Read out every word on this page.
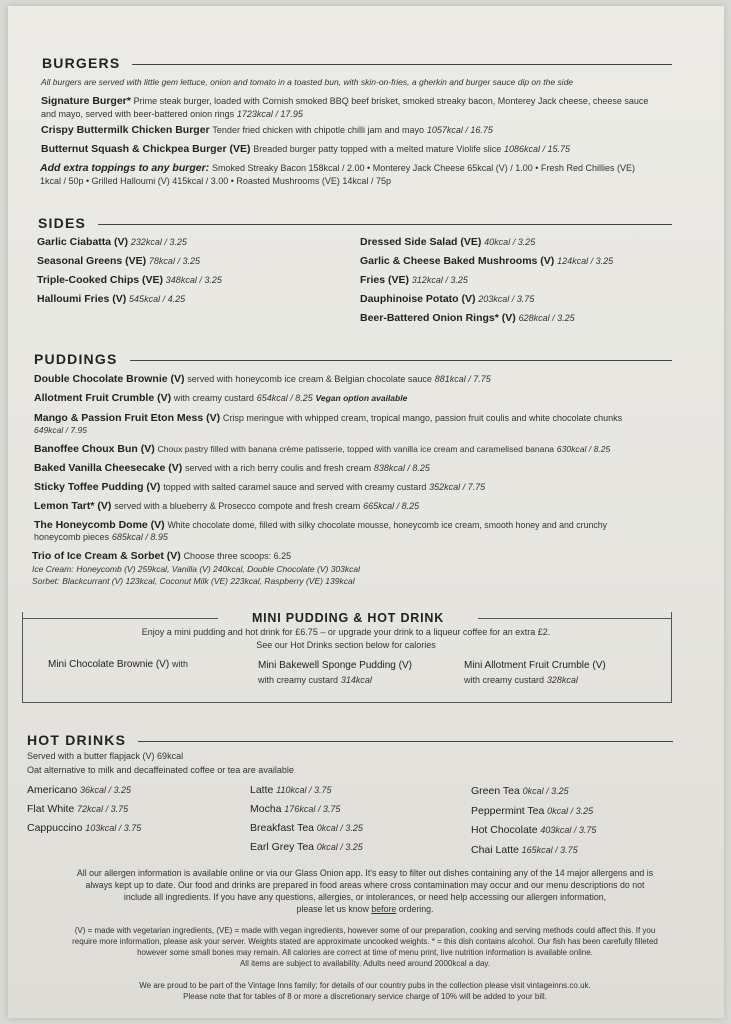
BURGERS
All burgers are served with little gem lettuce, onion and tomato in a toasted bun, with skin-on-fries, a gherkin and burger sauce dip on the side
Signature Burger* Prime steak burger, loaded with Cornish smoked BBQ beef brisket, smoked streaky bacon, Monterey Jack cheese, cheese sauce
and mayo, served with beer-battered onion rings 1723kcal / 17.95
Crispy Buttermilk Chicken Burger Tender fried chicken with chipotle chilli jam and mayo 1057kcal / 16.75
Butternut Squash & Chickpea Burger (VE) Breaded burger patty topped with a melted mature Violife slice 1086kcal / 15.75
Add extra toppings to any burger: Smoked Streaky Bacon 158kcal / 2.00 • Monterey Jack Cheese 65kcal (V) / 1.00 • Fresh Red Chillies (VE)
1kcal / 50p • Grilled Halloumi (V) 415kcal / 3.00 • Roasted Mushrooms (VE) 14kcal / 75p
SIDES
Garlic Ciabatta (V) 232kcal / 3.25
Seasonal Greens (VE) 78kcal / 3.25
Triple-Cooked Chips (VE) 348kcal / 3.25
Halloumi Fries (V) 545kcal / 4.25
Dressed Side Salad (VE) 40kcal / 3.25
Garlic & Cheese Baked Mushrooms (V) 124kcal / 3.25
Fries (VE) 312kcal / 3.25
Dauphinoise Potato (V) 203kcal / 3.75
Beer-Battered Onion Rings* (V) 628kcal / 3.25
PUDDINGS
Double Chocolate Brownie (V) served with honeycomb ice cream & Belgian chocolate sauce 881kcal / 7.75
Allotment Fruit Crumble (V) with creamy custard 654kcal / 8.25 Vegan option available
Mango & Passion Fruit Eton Mess (V) Crisp meringue with whipped cream, tropical mango, passion fruit coulis and white chocolate chunks
649kcal / 7.95
Banoffee Choux Bun (V) Choux pastry filled with banana crème patisserie, topped with vanilla ice cream and caramelised banana 630kcal / 8.25
Baked Vanilla Cheesecake (V) served with a rich berry coulis and fresh cream 838kcal / 8.25
Sticky Toffee Pudding (V) topped with salted caramel sauce and served with creamy custard 352kcal / 7.75
Lemon Tart* (V) served with a blueberry & Prosecco compote and fresh cream 665kcal / 8.25
The Honeycomb Dome (V) White chocolate dome, filled with silky chocolate mousse, honeycomb ice cream, smooth honey and and crunchy
honeycomb pieces 685kcal / 8.95
Trio of Ice Cream & Sorbet (V) Choose three scoops: 6.25
Ice Cream: Honeycomb (V) 259kcal, Vanilla (V) 240kcal, Double Chocolate (V) 303kcal
Sorbet: Blackcurrant (V) 123kcal, Coconut Milk (VE) 223kcal, Raspberry (VE) 139kcal
MINI PUDDING & HOT DRINK
Enjoy a mini pudding and hot drink for £6.75 – or upgrade your drink to a liqueur coffee for an extra £2.
See our Hot Drinks section below for calories
Mini Chocolate Brownie (V) with	Mini Bakewell Sponge Pudding (V)
with creamy custard 314kcal
Mini Allotment Fruit Crumble (V)
with creamy custard 328kcal
HOT DRINKS
Served with a butter flapjack (V) 69kcal
Oat alternative to milk and decaffeinated coffee or tea are available
Americano 36kcal / 3.25
Flat White 72kcal / 3.75
Cappuccino 103kcal / 3.75
Latte 110kcal / 3.75
Mocha 176kcal / 3.75
Breakfast Tea 0kcal / 3.25
Earl Grey Tea 0kcal / 3.25
Green Tea 0kcal / 3.25
Peppermint Tea 0kcal / 3.25
Hot Chocolate 403kcal / 3.75
Chai Latte 165kcal / 3.75
All our allergen information is available online or via our Glass Onion app. It's easy to filter out dishes containing any of the 14 major allergens and is
always kept up to date. Our food and drinks are prepared in food areas where cross contamination may occur and our menu descriptions do not
include all ingredients. If you have any questions, allergies, or intolerances, or need help accessing our allergen information,
please let us know before ordering.
(V) = made with vegetarian ingredients, (VE) = made with vegan ingredients, however some of our preparation, cooking and serving methods could affect this. If you
require more information, please ask your server. Weights stated are approximate uncooked weights. * = this dish contains alcohol. Our fish has been carefully filleted
however some small bones may remain. All calories are correct at time of menu print, live nutrition information is available online.
All items are subject to availability. Adults need around 2000kcal a day.
We are proud to be part of the Vintage Inns family; for details of our country pubs in the collection please visit vintageinns.co.uk.
Please note that for tables of 8 or more a discretionary service charge of 10% will be added to your bill.
